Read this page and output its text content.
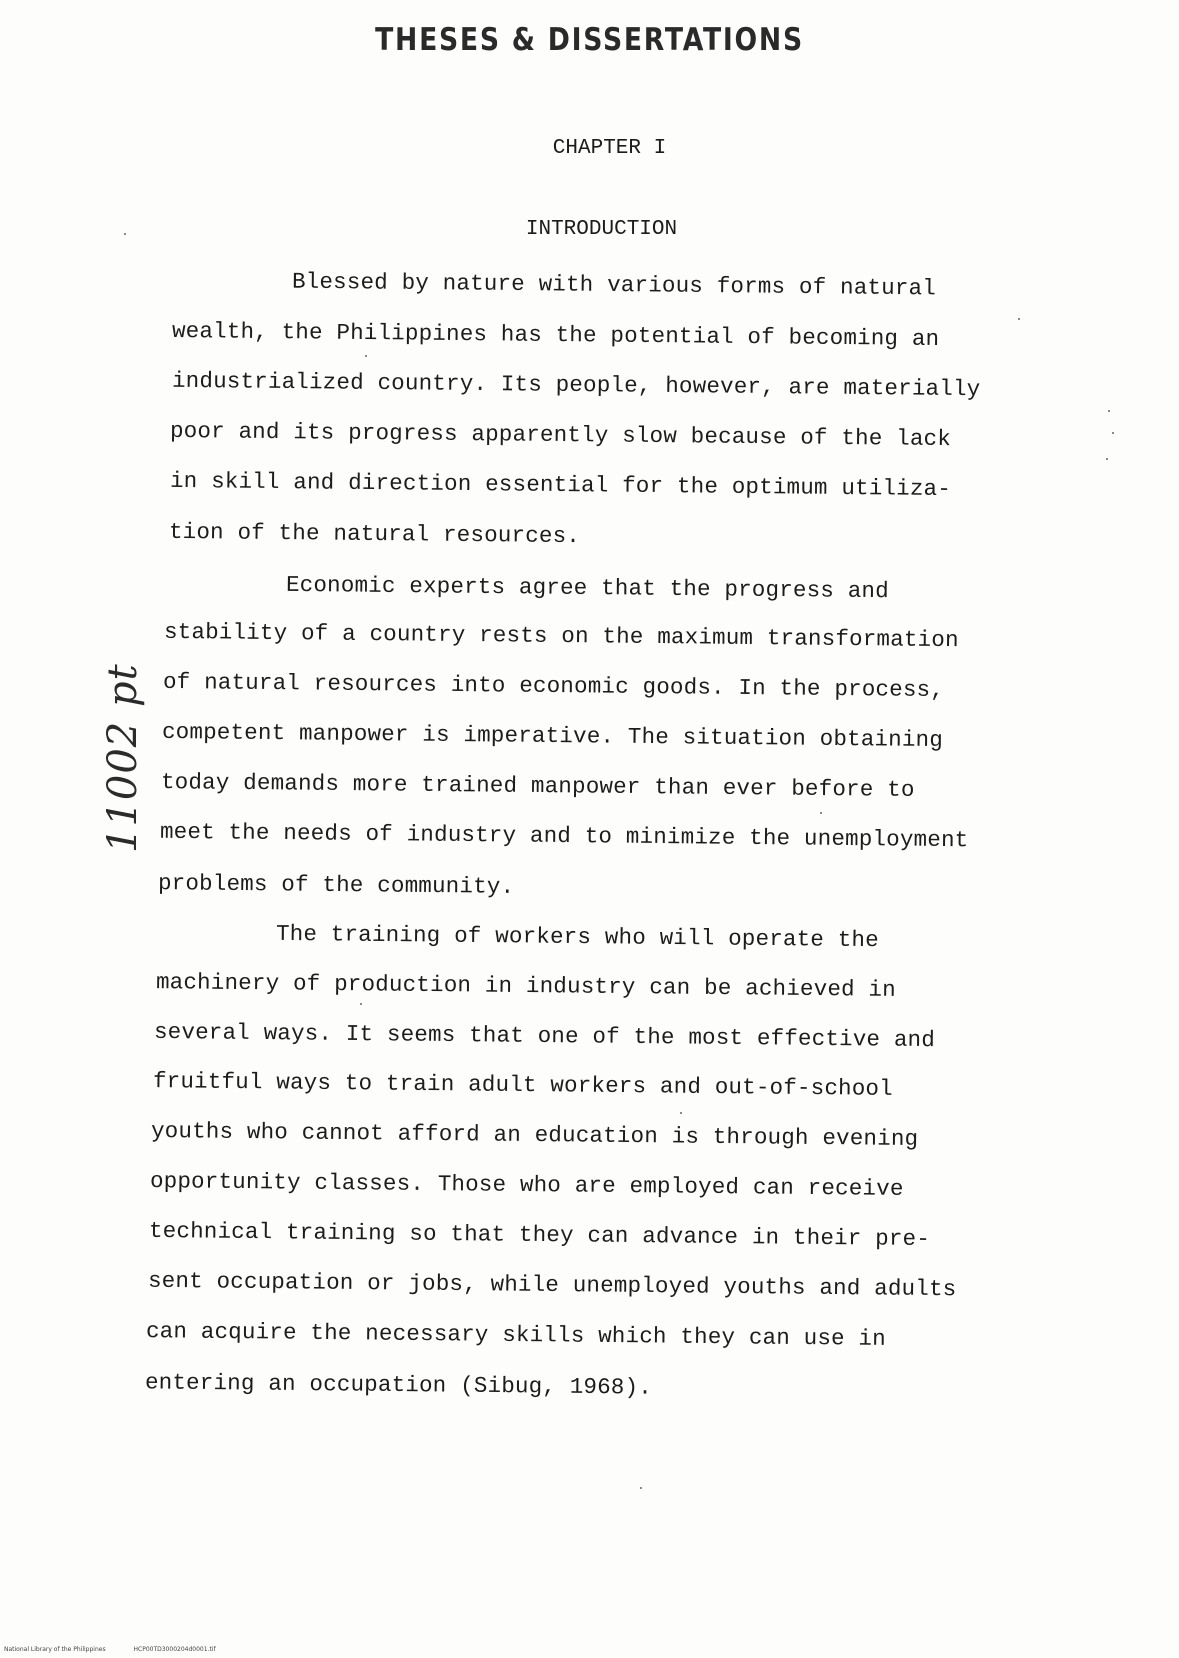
THESES & DISSERTATIONS
CHAPTER I
INTRODUCTION
11002 pt
Blessed by nature with various forms of natural
wealth, the Philippines has the potential of becoming an
industrialized country. Its people, however, are materially
poor and its progress apparently slow because of the lack
in skill and direction essential for the optimum utiliza-
tion of the natural resources.
Economic experts agree that the progress and
stability of a country rests on the maximum transformation
of natural resources into economic goods. In the process,
competent manpower is imperative. The situation obtaining
today demands more trained manpower than ever before to
meet the needs of industry and to minimize the unemployment
problems of the community.
The training of workers who will operate the
machinery of production in industry can be achieved in
several ways. It seems that one of the most effective and
fruitful ways to train adult workers and out-of-school
youths who cannot afford an education is through evening
opportunity classes. Those who are employed can receive
technical training so that they can advance in their pre-
sent occupation or jobs, while unemployed youths and adults
can acquire the necessary skills which they can use in
entering an occupation (Sibug, 1968).
National Library of the Philippines	HCP00TD3000204d0001.tif
